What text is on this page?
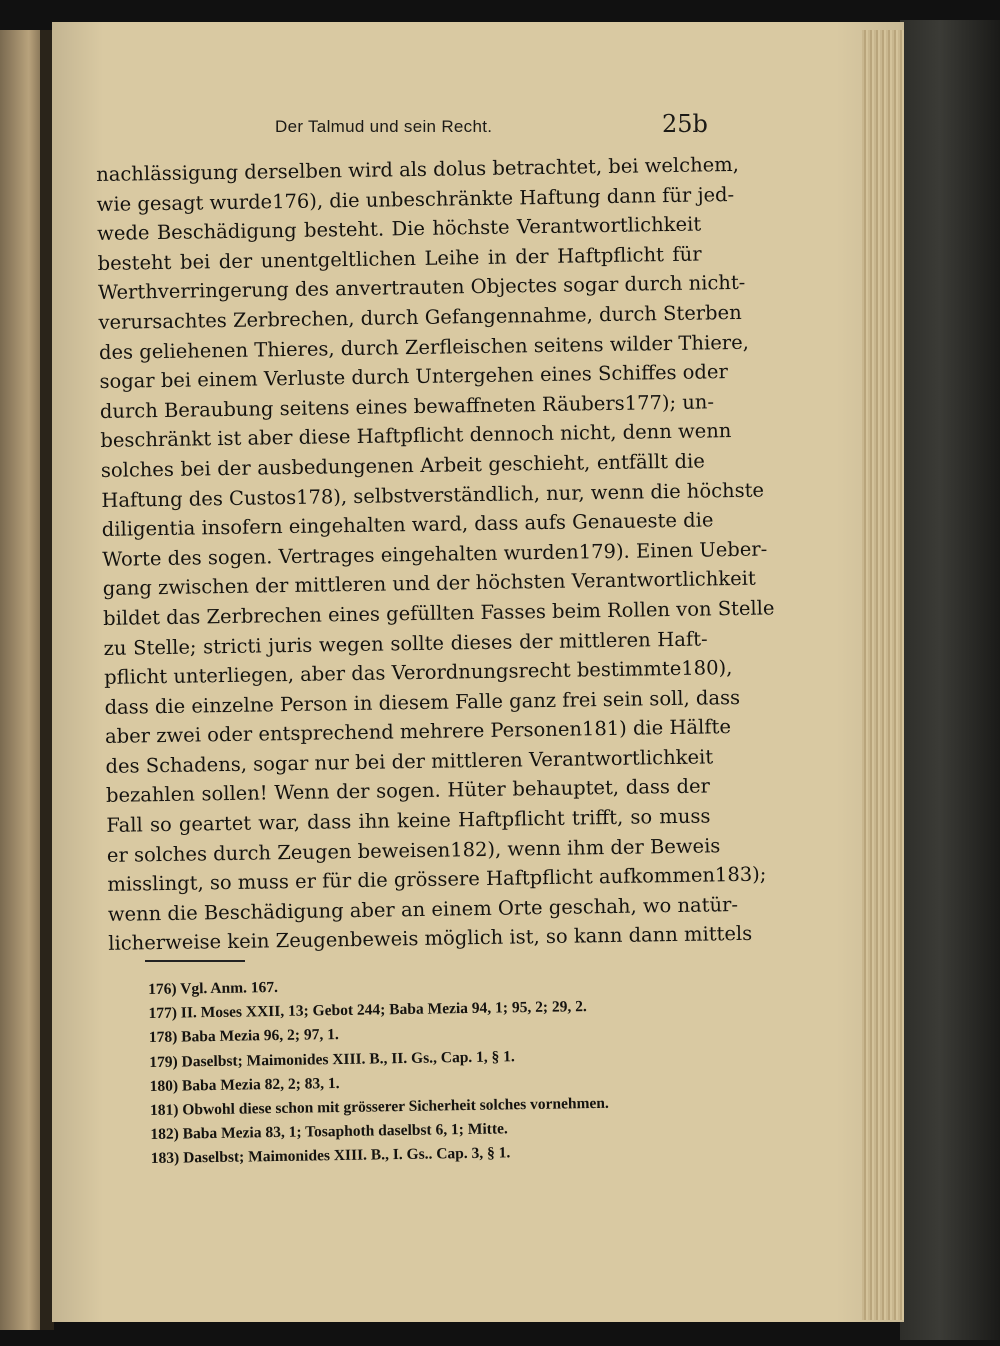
Der Talmud und sein Recht.	25b
nachlässigung derselben wird als dolus betrachtet, bei welchem,
wie gesagt wurde176), die unbeschränkte Haftung dann für jed-
wede Beschädigung besteht. Die höchste Verantwortlichkeit
besteht bei der unentgeltlichen Leihe in der Haftpflicht für
Werthverringerung des anvertrauten Objectes sogar durch nicht-
verursachtes Zerbrechen, durch Gefangennahme, durch Sterben
des geliehenen Thieres, durch Zerfleischen seitens wilder Thiere,
sogar bei einem Verluste durch Untergehen eines Schiffes oder
durch Beraubung seitens eines bewaffneten Räubers177); un-
beschränkt ist aber diese Haftpflicht dennoch nicht, denn wenn
solches bei der ausbedungenen Arbeit geschieht, entfällt die
Haftung des Custos178), selbstverständlich, nur, wenn die höchste
diligentia insofern eingehalten ward, dass aufs Genaueste die
Worte des sogen. Vertrages eingehalten wurden179). Einen Ueber-
gang zwischen der mittleren und der höchsten Verantwortlichkeit
bildet das Zerbrechen eines gefüllten Fasses beim Rollen von Stelle
zu Stelle; stricti juris wegen sollte dieses der mittleren Haft-
pflicht unterliegen, aber das Verordnungsrecht bestimmte180),
dass die einzelne Person in diesem Falle ganz frei sein soll, dass
aber zwei oder entsprechend mehrere Personen181) die Hälfte
des Schadens, sogar nur bei der mittleren Verantwortlichkeit
bezahlen sollen! Wenn der sogen. Hüter behauptet, dass der
Fall so geartet war, dass ihn keine Haftpflicht trifft, so muss
er solches durch Zeugen beweisen182), wenn ihm der Beweis
misslingt, so muss er für die grössere Haftpflicht aufkommen183);
wenn die Beschädigung aber an einem Orte geschah, wo natür-
licherweise kein Zeugenbeweis möglich ist, so kann dann mittels
176) Vgl. Anm. 167.
177) II. Moses XXII, 13; Gebot 244; Baba Mezia 94, 1; 95, 2; 29, 2.
178) Baba Mezia 96, 2; 97, 1.
179) Daselbst; Maimonides XIII. B., II. Gs., Cap. 1, § 1.
180) Baba Mezia 82, 2; 83, 1.
181) Obwohl diese schon mit grösserer Sicherheit solches vornehmen.
182) Baba Mezia 83, 1; Tosaphoth daselbst 6, 1; Mitte.
183) Daselbst; Maimonides XIII. B., I. Gs.. Cap. 3, § 1.
